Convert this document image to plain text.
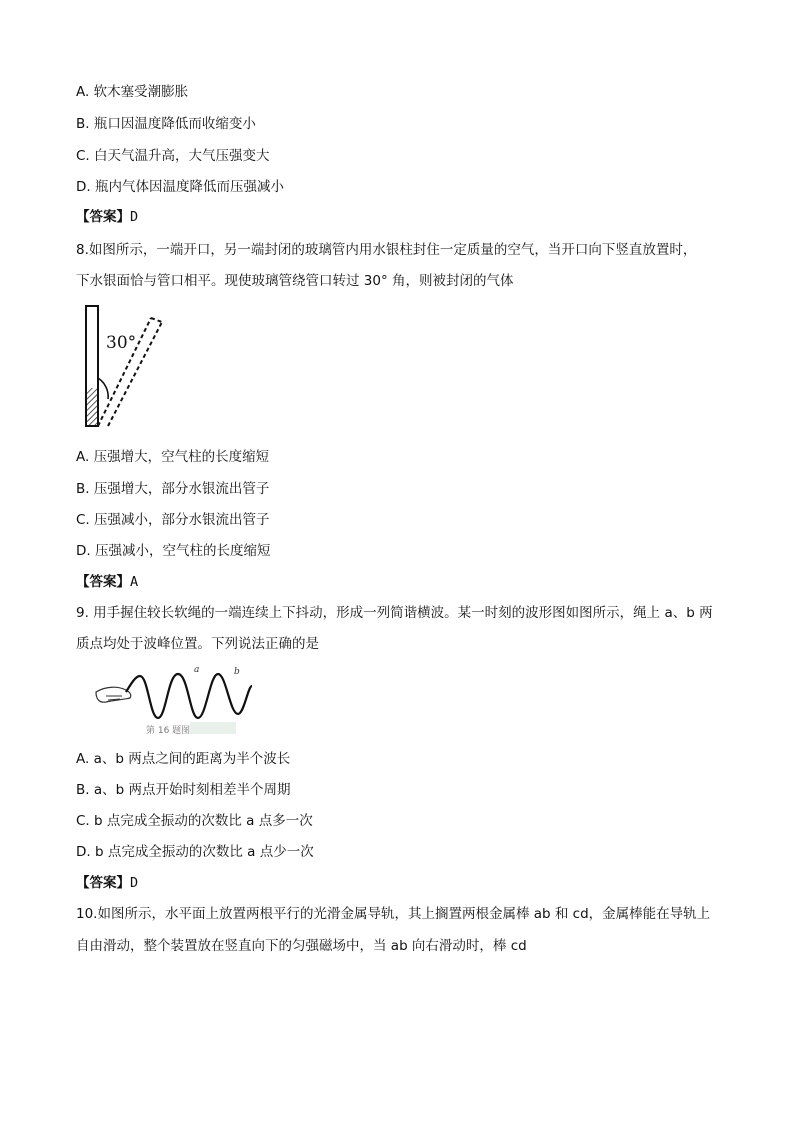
A. 软木塞受潮膨胀
B. 瓶口因温度降低而收缩变小
C. 白天气温升高，大气压强变大
D. 瓶内气体因温度降低而压强减小
【答案】D
8.如图所示，一端开口，另一端封闭的玻璃管内用水银柱封住一定质量的空气，当开口向下竖直放置时，
下水银面恰与管口相平。现使玻璃管绕管口转过 30° 角，则被封闭的气体
30°
A. 压强增大，空气柱的长度缩短
B. 压强增大，部分水银流出管子
C. 压强减小，部分水银流出管子
D. 压强减小，空气柱的长度缩短
【答案】A
9. 用手握住较长软绳的一端连续上下抖动，形成一列简谐横波。某一时刻的波形图如图所示，绳上 a、b 两
质点均处于波峰位置。下列说法正确的是
a	b
第 16 题图
A. a、b 两点之间的距离为半个波长
B. a、b 两点开始时刻相差半个周期
C. b 点完成全振动的次数比 a 点多一次
D. b 点完成全振动的次数比 a 点少一次
【答案】D
10.如图所示，水平面上放置两根平行的光滑金属导轨，其上搁置两根金属棒 ab 和 cd，金属棒能在导轨上
自由滑动，整个装置放在竖直向下的匀强磁场中，当 ab 向右滑动时，棒 cd
